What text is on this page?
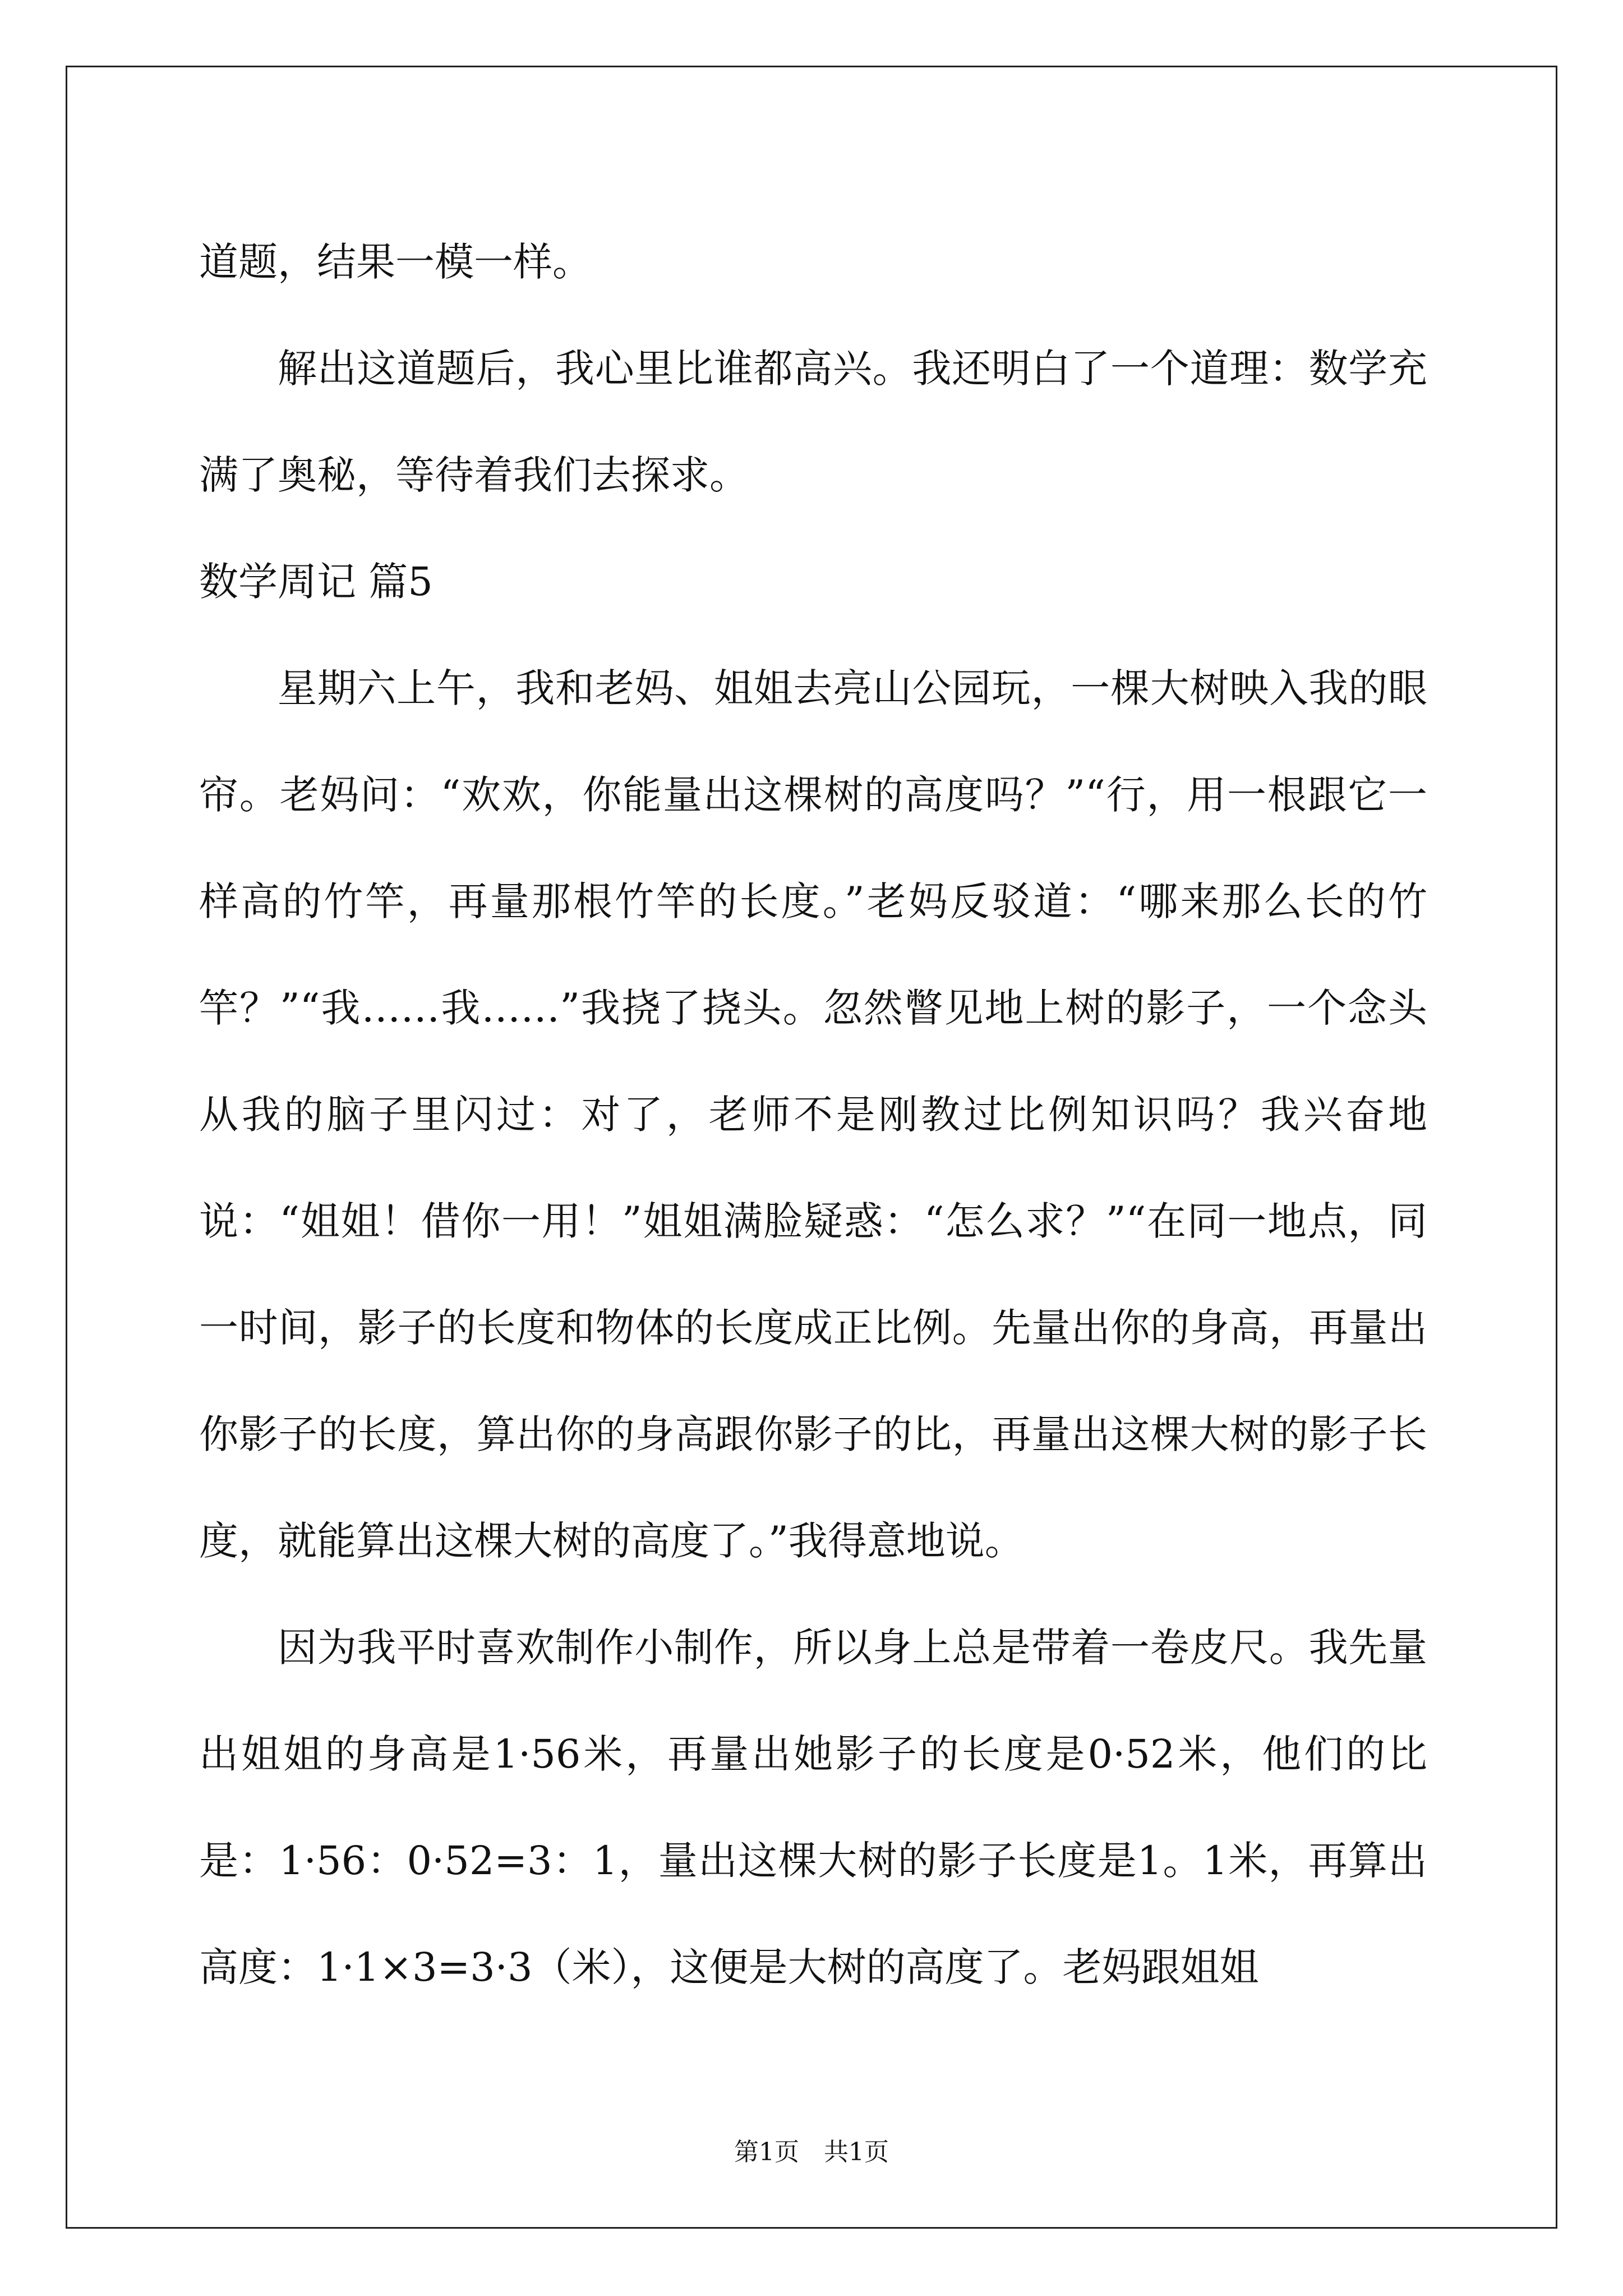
道题，结果一模一样。

解出这道题后，我心里比谁都高兴。我还明白了一个道理：数学充满了奥秘，等待着我们去探求。

数学周记 篇5

星期六上午，我和老妈、姐姐去亮山公园玩，一棵大树映入我的眼帘。老妈问：“欢欢，你能量出这棵树的高度吗？”“行，用一根跟它一样高的竹竿，再量那根竹竿的长度。”老妈反驳道：“哪来那么长的竹竿？”“我……我……”我挠了挠头。忽然瞥见地上树的影子，一个念头从我的脑子里闪过：对了，老师不是刚教过比例知识吗？我兴奋地说：“姐姐！借你一用！”姐姐满脸疑惑：“怎么求？”“在同一地点，同一时间，影子的长度和物体的长度成正比例。先量出你的身高，再量出你影子的长度，算出你的身高跟你影子的比，再量出这棵大树的影子长度，就能算出这棵大树的高度了。”我得意地说。

因为我平时喜欢制作小制作，所以身上总是带着一卷皮尺。我先量出姐姐的身高是1·56米，再量出她影子的长度是0·52米，他们的比是：1·56：0·52=3：1，量出这棵大树的影子长度是1。1米，再算出高度：1·1×3=3·3（米），这便是大树的高度了。老妈跟姐姐

第1页　共1页
